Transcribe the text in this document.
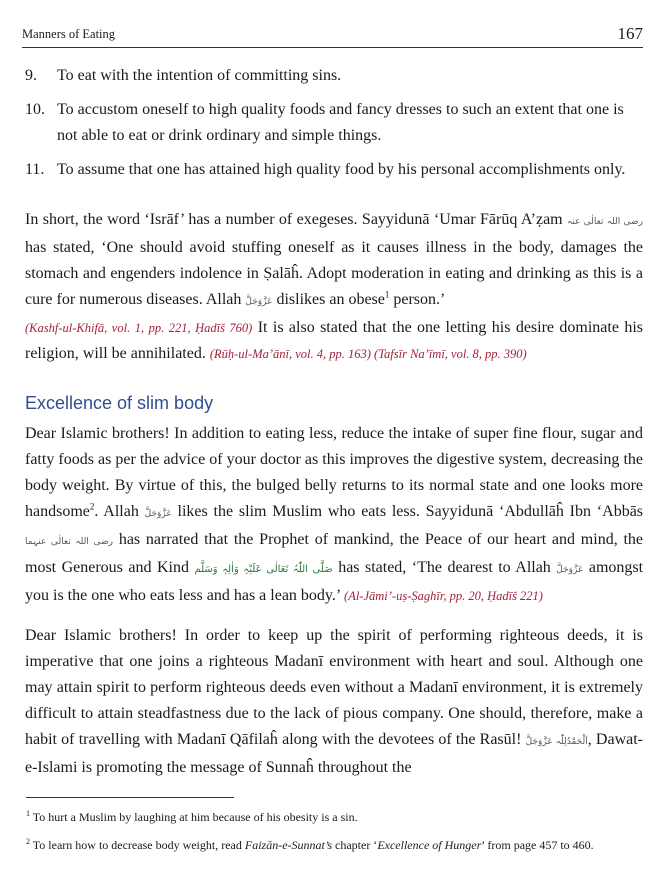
Manners of Eating	167
9. To eat with the intention of committing sins.
10. To accustom oneself to high quality foods and fancy dresses to such an extent that one is not able to eat or drink ordinary and simple things.
11. To assume that one has attained high quality food by his personal accomplishments only.

In short, the word ‘Isrāf’ has a number of exegeses. Sayyidunā ‘Umar Fārūq A’ẓam رضی اللہ تعالٰی عنہ has stated, ‘One should avoid stuffing oneself as it causes illness in the body, damages the stomach and engenders indolence in Ṣalāĥ. Adopt moderation in eating and drinking as this is a cure for numerous diseases. Allah عَزَّوَجَلَّ dislikes an obese$^1$ person.’
(Kashf-ul-Khifā, vol. 1, pp. 221, Ḥadīš 760) It is also stated that the one letting his desire dominate his religion, will be annihilated. (Rūḥ-ul-Ma’ānī, vol. 4, pp. 163) (Tafsīr Na’īmī, vol. 8, pp. 390)

Excellence of slim body

Dear Islamic brothers! In addition to eating less, reduce the intake of super fine flour, sugar and fatty foods as per the advice of your doctor as this improves the digestive system, decreasing the body weight. By virtue of this, the bulged belly returns to its normal state and one looks more handsome$^2$. Allah عَزَّوَجَلَّ likes the slim Muslim who eats less. Sayyidunā ‘Abdullāĥ Ibn ‘Abbās رضی اللہ تعالٰی عنہما has narrated that the Prophet of mankind, the Peace of our heart and mind, the most Generous and Kind صَلَّی اللّٰہُ تَعَالٰی عَلَیْہِ وَاٰلِہٖ وَسَلَّم has stated, ‘The dearest to Allah عَزَّوَجَلَّ amongst you is the one who eats less and has a lean body.’ (Al-Jāmi’-uṣ-Ṣaghīr, pp. 20, Ḥadīš 221)

Dear Islamic brothers! In order to keep up the spirit of performing righteous deeds, it is imperative that one joins a righteous Madanī environment with heart and soul. Although one may attain spirit to perform righteous deeds even without a Madanī environment, it is extremely difficult to attain steadfastness due to the lack of pious company. One should, therefore, make a habit of travelling with Madanī Qāfilaĥ along with the devotees of the Rasūl! اَلْحَمْدُلِلّٰہ عَزَّوَجَلَّ, Dawat-e-Islami is promoting the message of Sunnaĥ throughout the

$^1$ To hurt a Muslim by laughing at him because of his obesity is a sin.

$^2$ To learn how to decrease body weight, read Faizān-e-Sunnat’s chapter ‘Excellence of Hunger’ from page 457 to 460.
